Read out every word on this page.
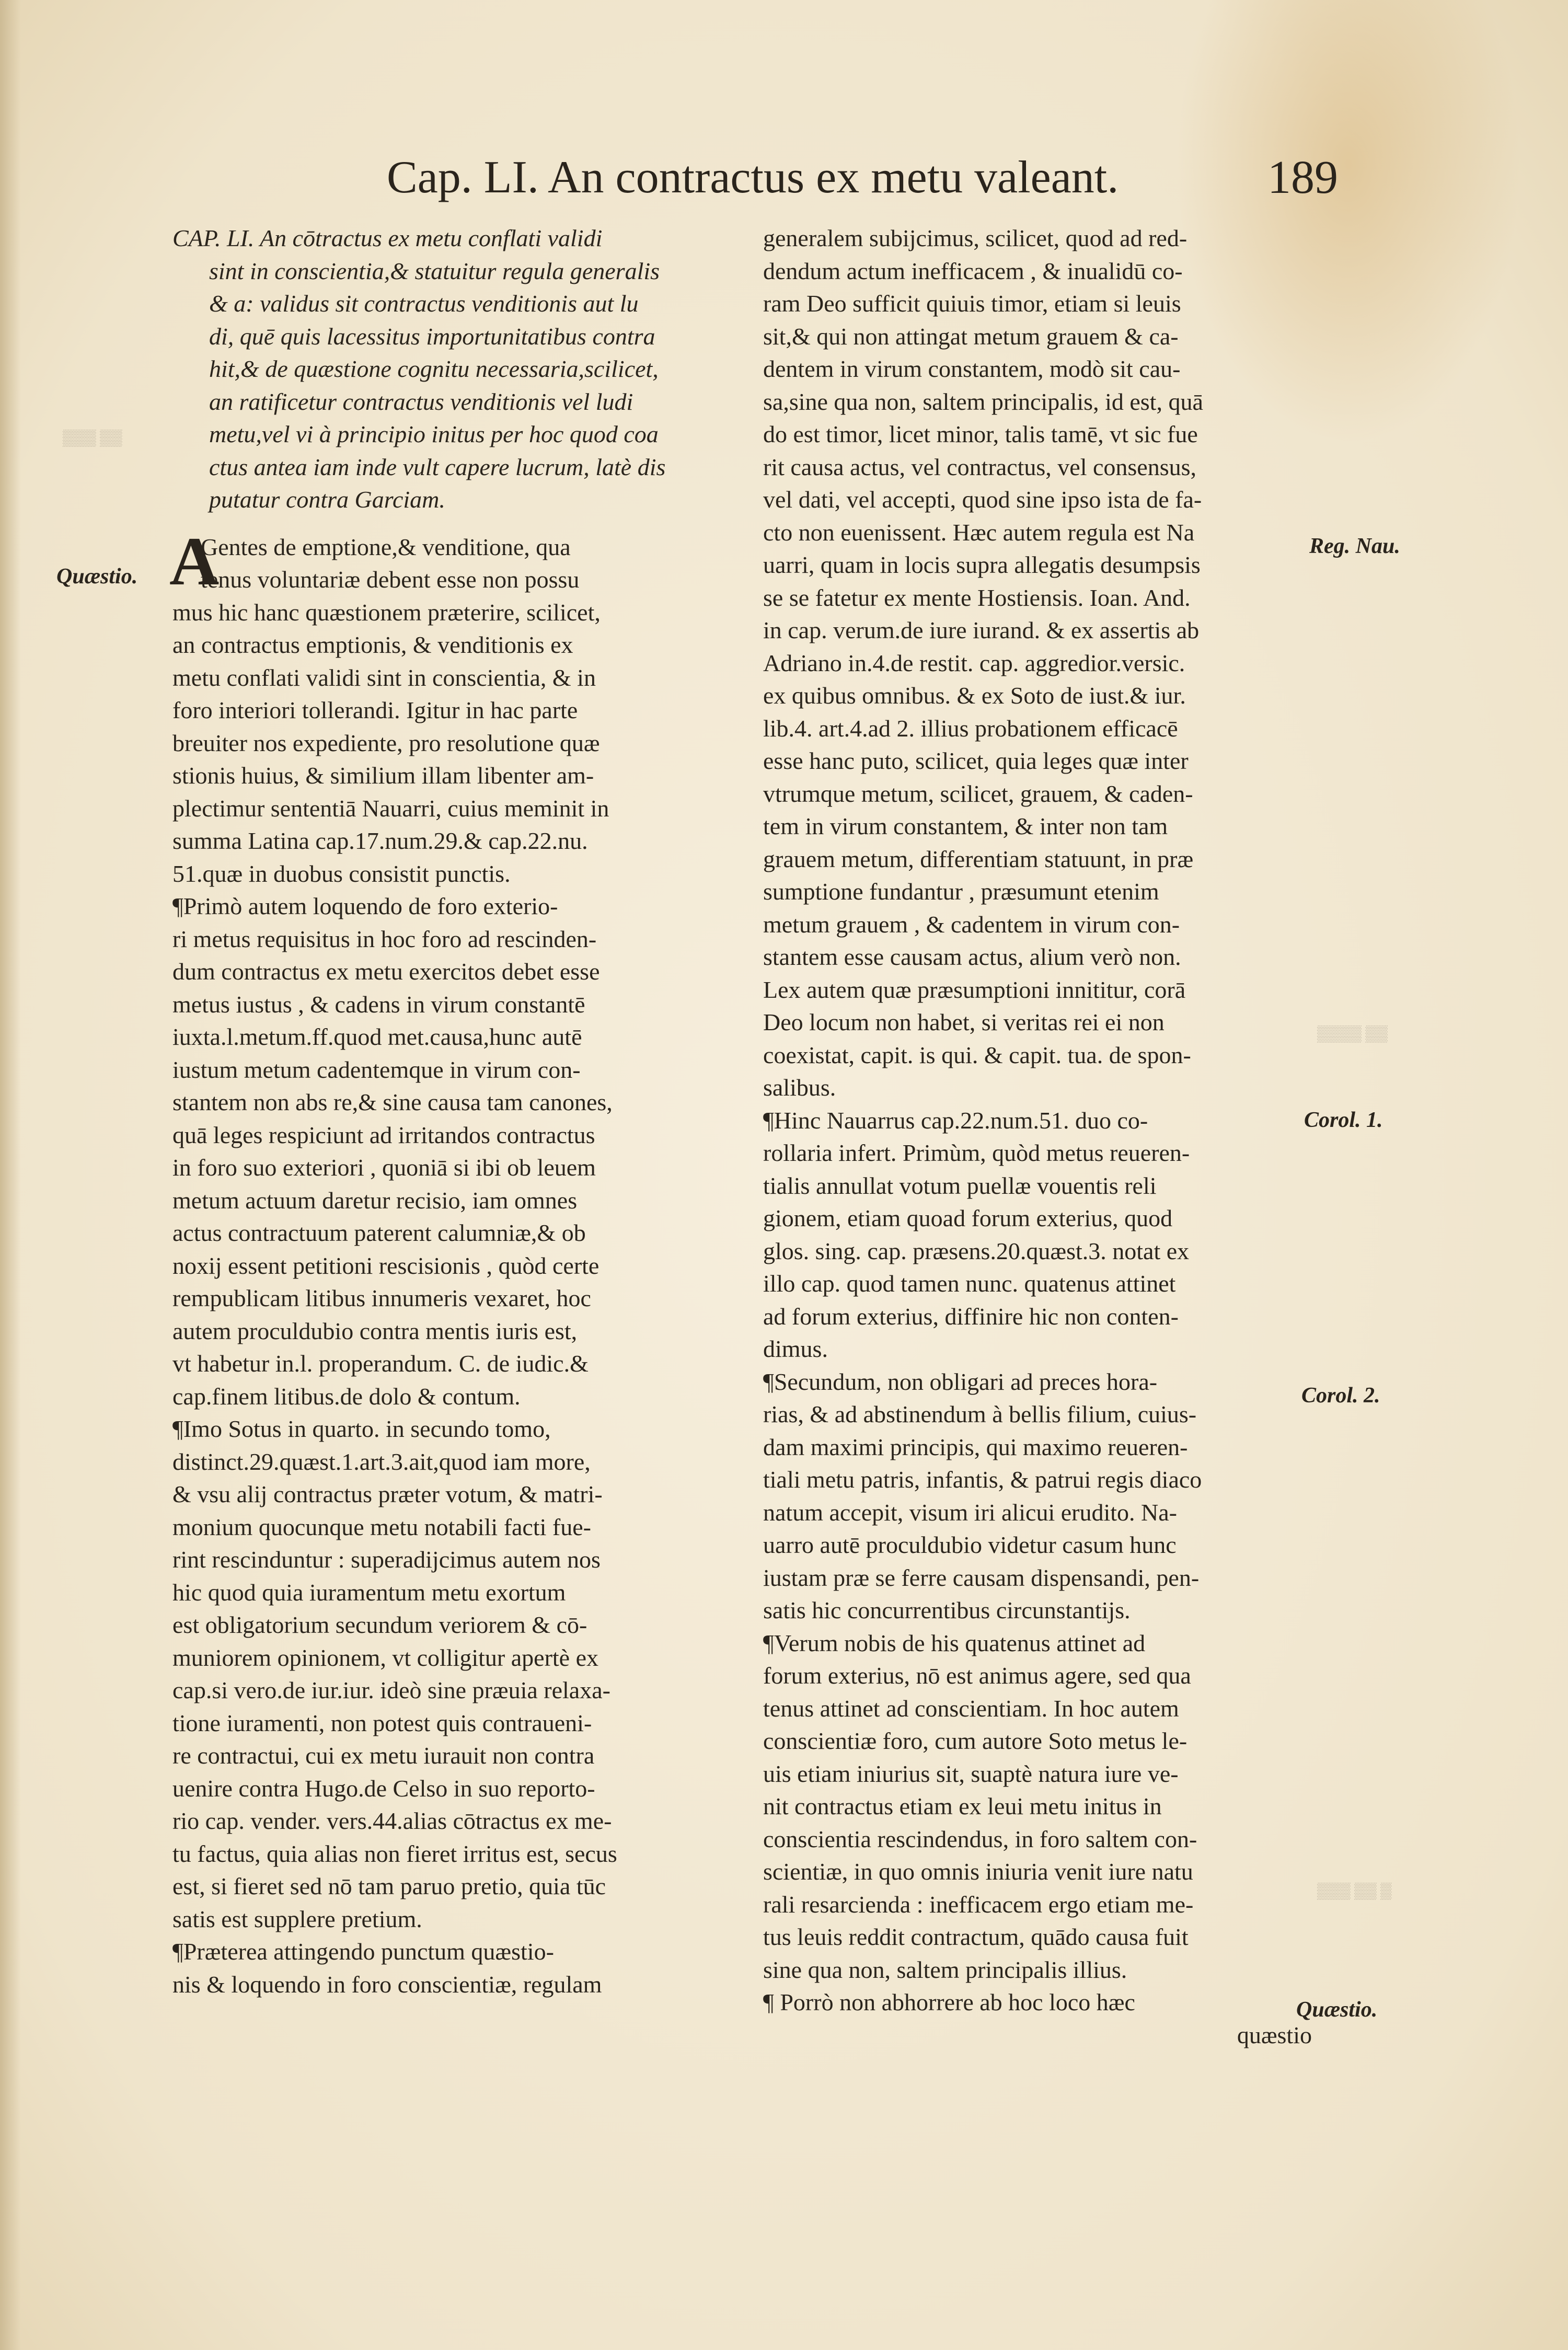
Cap. LI. An contractus ex metu valeant.	189
▒▒▒ ▒▒
▒▒▒▒ ▒▒
▒▒▒ ▒▒ ▒
Quæstio.
Reg. Nau.
Corol. 1.
Corol. 2.
Quæstio.
CAP. LI. An cōtractus ex metu conflati validi
sint in conscientia,& statuitur regula generalis
& a: validus sit contractus venditionis aut lu
di, quē quis lacessitus importunitatibus contra
hit,& de quæstione cognitu necessaria,scilicet,
an ratificetur contractus venditionis vel ludi
metu,vel vi à principio initus per hoc quod coa
ctus antea iam inde vult capere lucrum, latè dis
putatur contra Garciam.
A
Gentes de emptione,& venditione, qua
tenus voluntariæ debent esse non possu
mus hic hanc quæstionem præterire, scilicet,
an contractus emptionis, & venditionis ex
metu conflati validi sint in conscientia, & in
foro interiori tollerandi. Igitur in hac parte
breuiter nos expediente, pro resolutione quæ
stionis huius, & similium illam libenter am-
plectimur sententiā Nauarri, cuius meminit in
summa Latina cap.17.num.29.& cap.22.nu.
51.quæ in duobus consistit punctis.
¶Primò autem loquendo de foro exterio-
ri metus requisitus in hoc foro ad rescinden-
dum contractus ex metu exercitos debet esse
metus iustus , & cadens in virum constantē
iuxta.l.metum.ff.quod met.causa,hunc autē
iustum metum cadentemque in virum con-
stantem non abs re,& sine causa tam canones,
quā leges respiciunt ad irritandos contractus
in foro suo exteriori , quoniā si ibi ob leuem
metum actuum daretur recisio, iam omnes
actus contractuum paterent calumniæ,& ob
noxij essent petitioni rescisionis , quòd certe
rempublicam litibus innumeris vexaret, hoc
autem proculdubio contra mentis iuris est,
vt habetur in.l. properandum. C. de iudic.&
cap.finem litibus.de dolo & contum.
¶Imo Sotus in quarto. in secundo tomo,
distinct.29.quæst.1.art.3.ait,quod iam more,
& vsu alij contractus præter votum, & matri-
monium quocunque metu notabili facti fue-
rint rescinduntur : superadijcimus autem nos
hic quod quia iuramentum metu exortum
est obligatorium secundum veriorem & cō-
muniorem opinionem, vt colligitur apertè ex
cap.si vero.de iur.iur. ideò sine præuia relaxa-
tione iuramenti, non potest quis contraueni-
re contractui, cui ex metu iurauit non contra
uenire contra Hugo.de Celso in suo reporto-
rio cap. vender. vers.44.alias cōtractus ex me-
tu factus, quia alias non fieret irritus est, secus
est, si fieret sed nō tam paruo pretio, quia tūc
satis est supplere pretium.
¶Præterea attingendo punctum quæstio-
nis & loquendo in foro conscientiæ, regulam
generalem subijcimus, scilicet, quod ad red-
dendum actum inefficacem , & inualidū co-
ram Deo sufficit quiuis timor, etiam si leuis
sit,& qui non attingat metum grauem & ca-
dentem in virum constantem, modò sit cau-
sa,sine qua non, saltem principalis, id est, quā
do est timor, licet minor, talis tamē, vt sic fue
rit causa actus, vel contractus, vel consensus,
vel dati, vel accepti, quod sine ipso ista de fa-
cto non euenissent. Hæc autem regula est Na
uarri, quam in locis supra allegatis desumpsis
se se fatetur ex mente Hostiensis. Ioan. And.
in cap. verum.de iure iurand. & ex assertis ab
Adriano in.4.de restit. cap. aggredior.versic.
ex quibus omnibus. & ex Soto de iust.& iur.
lib.4. art.4.ad 2. illius probationem efficacē
esse hanc puto, scilicet, quia leges quæ inter
vtrumque metum, scilicet, grauem, & caden-
tem in virum constantem, & inter non tam
grauem metum, differentiam statuunt, in præ
sumptione fundantur , præsumunt etenim
metum grauem , & cadentem in virum con-
stantem esse causam actus, alium verò non.
Lex autem quæ præsumptioni innititur, corā
Deo locum non habet, si veritas rei ei non
coexistat, capit. is qui. & capit. tua. de spon-
salibus.
¶Hinc Nauarrus cap.22.num.51. duo co-
rollaria infert. Primùm, quòd metus reueren-
tialis annullat votum puellæ vouentis reli
gionem, etiam quoad forum exterius, quod
glos. sing. cap. præsens.20.quæst.3. notat ex
illo cap. quod tamen nunc. quatenus attinet
ad forum exterius, diffinire hic non conten-
dimus.
¶Secundum, non obligari ad preces hora-
rias, & ad abstinendum à bellis filium, cuius-
dam maximi principis, qui maximo reueren-
tiali metu patris, infantis, & patrui regis diaco
natum accepit, visum iri alicui erudito. Na-
uarro autē proculdubio videtur casum hunc
iustam præ se ferre causam dispensandi, pen-
satis hic concurrentibus circunstantijs.
¶Verum nobis de his quatenus attinet ad
forum exterius, nō est animus agere, sed qua
tenus attinet ad conscientiam. In hoc autem
conscientiæ foro, cum autore Soto metus le-
uis etiam iniurius sit, suaptè natura iure ve-
nit contractus etiam ex leui metu initus in
conscientia rescindendus, in foro saltem con-
scientiæ, in quo omnis iniuria venit iure natu
rali resarcienda : inefficacem ergo etiam me-
tus leuis reddit contractum, quādo causa fuit
sine qua non, saltem principalis illius.
¶ Porrò non abhorrere ab hoc loco hæc
quæstio
